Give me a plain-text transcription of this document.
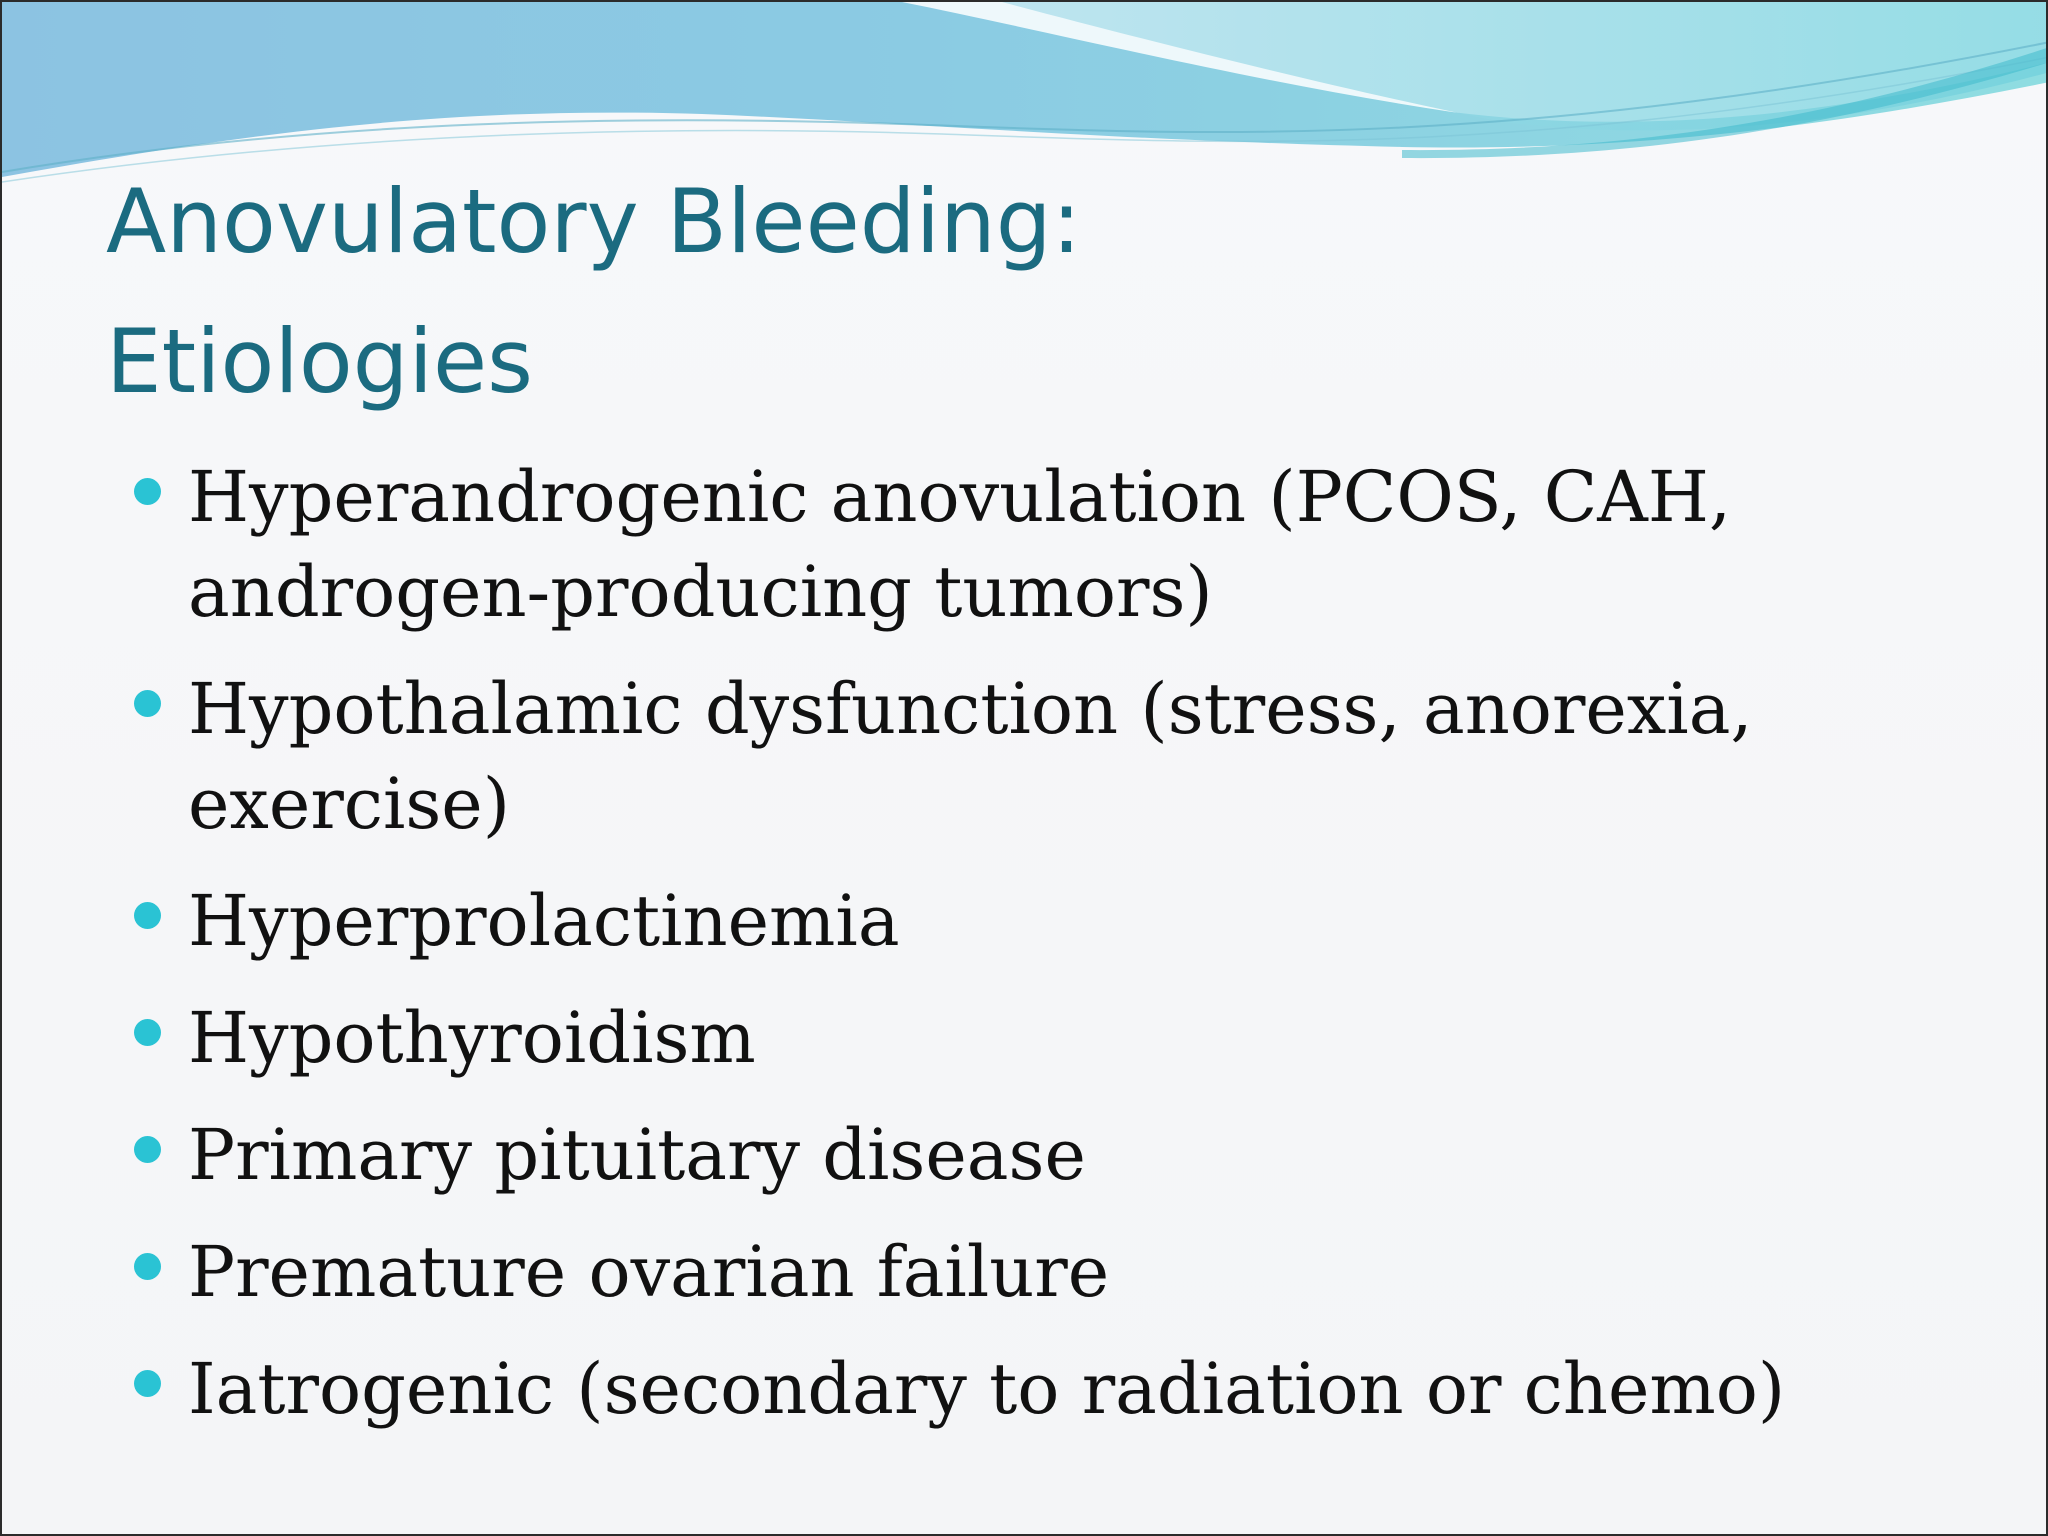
Anovulatory Bleeding:
Etiologies
Hyperandrogenic anovulation (PCOS, CAH,
androgen-producing tumors)
Hypothalamic dysfunction (stress, anorexia,
exercise)
Hyperprolactinemia
Hypothyroidism
Primary pituitary disease
Premature ovarian failure
Iatrogenic (secondary to radiation or chemo)
